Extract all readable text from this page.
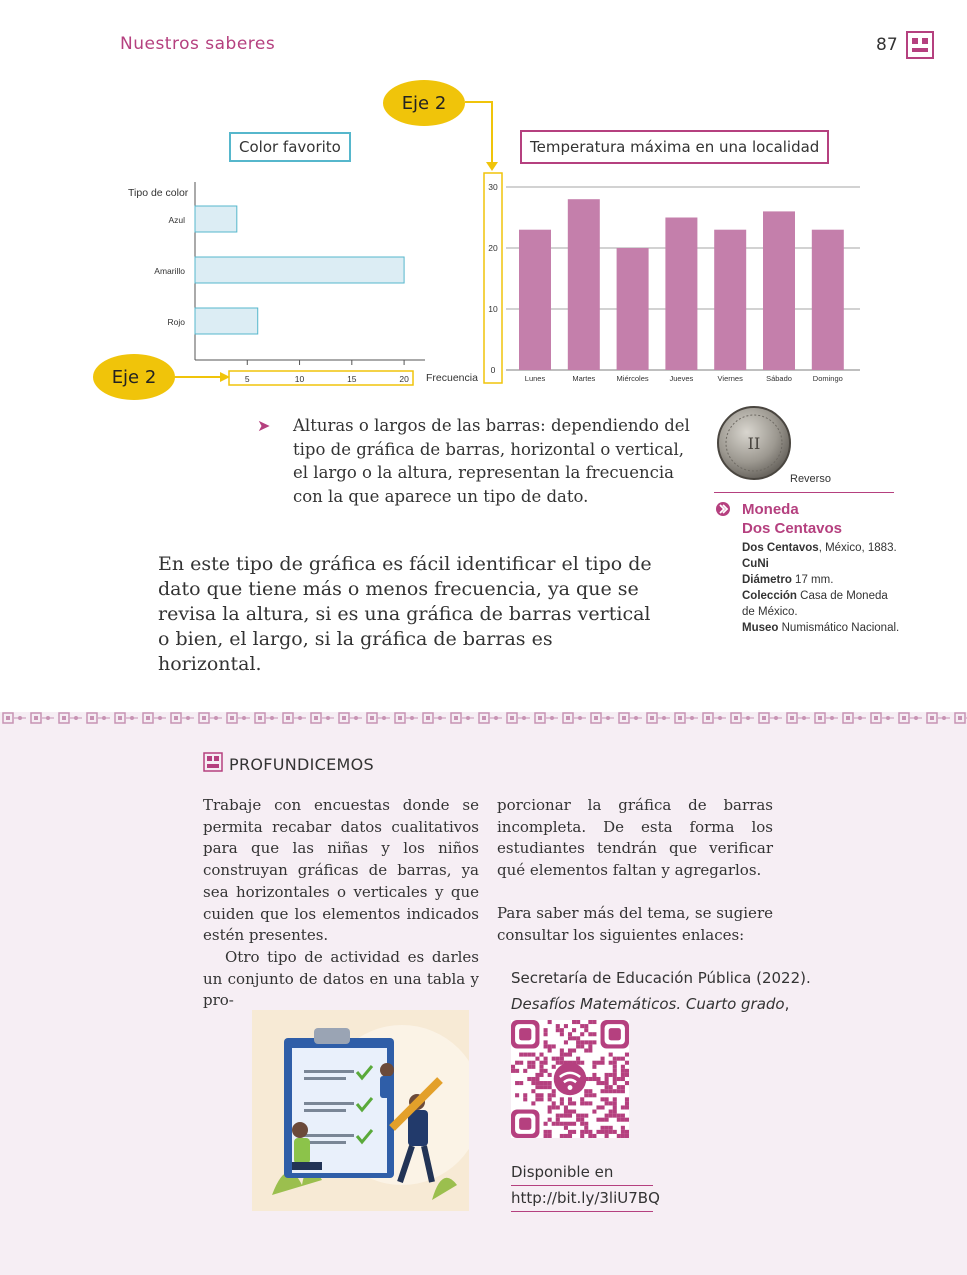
Nuestros saberes	87
Eje 2
Eje 2
Color favorito
Tipo de color
Frecuencia
Azul
Amarillo
Rojo
5	10	15	20
Temperatura máxima en una localidad
0
10
20
30
Lunes	Martes	Miércoles	Jueves	Viernes	Sábado	Domingo
➤ Alturas o largos de las barras: dependiendo del tipo de gráfica de barras, horizontal o vertical, el largo o la altura, representan la frecuencia con la que aparece un tipo de dato.
II
Reverso
Moneda
Dos Centavos
Dos Centavos, México, 1883.
CuNi
Diámetro 17 mm.
Colección Casa de Moneda de México.
Museo Numismático Nacional.
En este tipo de gráfica es fácil identificar el tipo de dato que tiene más o menos frecuencia, ya que se revisa la altura, si es una gráfica de barras vertical o bien, el largo, si la gráfica de barras es horizontal.
PROFUNDICEMOS
Trabaje con encuestas donde se permita recabar datos cualitativos para que las niñas y los niños construyan gráficas de barras, ya sea horizontales o verticales y que cuiden que los elementos indicados estén presentes.
Otro tipo de actividad es darles un conjunto de datos en una tabla y pro-
porcionar la gráfica de barras incompleta. De esta forma los estudiantes tendrán que verificar qué elementos faltan y agregarlos.
Para saber más del tema, se sugiere consultar los siguientes enlaces:
Secretaría de Educación Pública (2022).
Desafíos Matemáticos. Cuarto grado,
Disponible en
http://bit.ly/3liU7BQ
